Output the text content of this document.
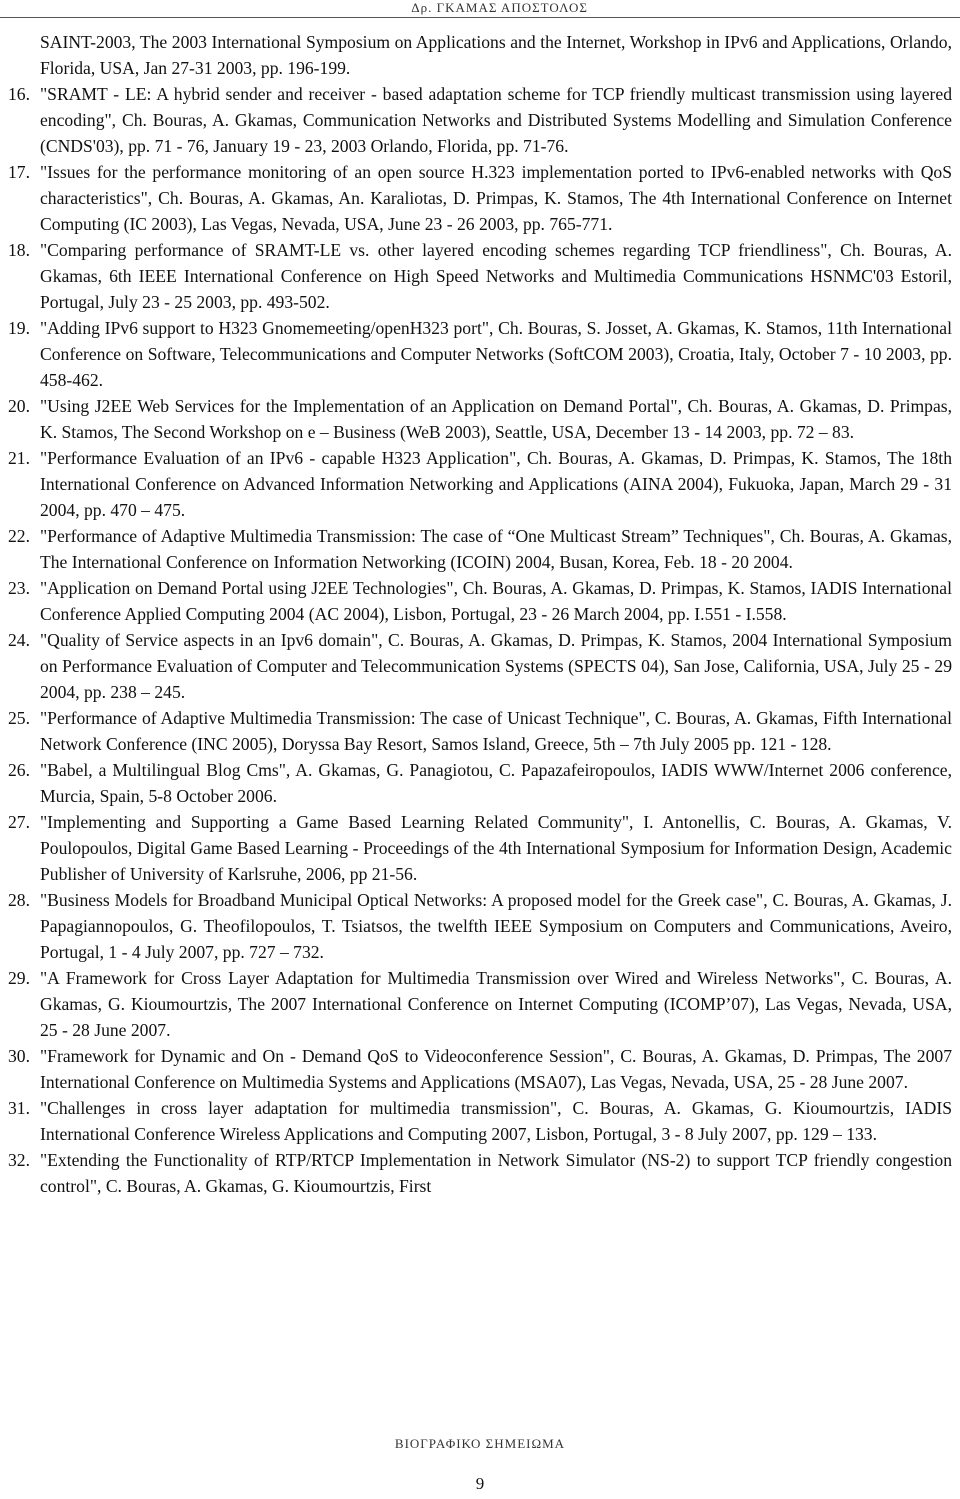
Δρ. ΓΚΑΜΑΣ ΑΠΟΣΤΟΛΟΣ
SAINT-2003, The 2003 International Symposium on Applications and the Internet, Workshop in IPv6 and Applications, Orlando, Florida, USA, Jan 27-31 2003, pp. 196-199.
16. "SRAMT - LE: A hybrid sender and receiver - based adaptation scheme for TCP friendly multicast transmission using layered encoding", Ch. Bouras, A. Gkamas, Communication Networks and Distributed Systems Modelling and Simulation Conference (CNDS'03), pp. 71 - 76, January 19 - 23, 2003 Orlando, Florida, pp. 71-76.
17. "Issues for the performance monitoring of an open source H.323 implementation ported to IPv6-enabled networks with QoS characteristics", Ch. Bouras, A. Gkamas, An. Karaliotas, D. Primpas, K. Stamos, The 4th International Conference on Internet Computing (IC 2003), Las Vegas, Nevada, USA, June 23 - 26 2003, pp. 765-771.
18. "Comparing performance of SRAMT-LE vs. other layered encoding schemes regarding TCP friendliness", Ch. Bouras, A. Gkamas, 6th IEEE International Conference on High Speed Networks and Multimedia Communications HSNMC'03 Estoril, Portugal, July 23 - 25 2003, pp. 493-502.
19. "Adding IPv6 support to H323 Gnomemeeting/openH323 port", Ch. Bouras, S. Josset, A. Gkamas, K. Stamos, 11th International Conference on Software, Telecommunications and Computer Networks (SoftCOM 2003), Croatia, Italy, October 7 - 10 2003, pp. 458-462.
20. "Using J2EE Web Services for the Implementation of an Application on Demand Portal", Ch. Bouras, A. Gkamas, D. Primpas, K. Stamos, The Second Workshop on e – Business (WeB 2003), Seattle, USA, December 13 - 14 2003, pp. 72 – 83.
21. "Performance Evaluation of an IPv6 - capable H323 Application", Ch. Bouras, A. Gkamas, D. Primpas, K. Stamos, The 18th International Conference on Advanced Information Networking and Applications (AINA 2004), Fukuoka, Japan, March 29 - 31 2004, pp. 470 – 475.
22. "Performance of Adaptive Multimedia Transmission: The case of “One Multicast Stream” Techniques", Ch. Bouras, A. Gkamas, The International Conference on Information Networking (ICOIN) 2004, Busan, Korea, Feb. 18 - 20 2004.
23. "Application on Demand Portal using J2EE Technologies", Ch. Bouras, A. Gkamas, D. Primpas, K. Stamos, IADIS International Conference Applied Computing 2004 (AC 2004), Lisbon, Portugal, 23 - 26 March 2004, pp. I.551 - I.558.
24. "Quality of Service aspects in an Ipv6 domain", C. Bouras, A. Gkamas, D. Primpas, K. Stamos, 2004 International Symposium on Performance Evaluation of Computer and Telecommunication Systems (SPECTS 04), San Jose, California, USA, July 25 - 29 2004, pp. 238 – 245.
25. "Performance of Adaptive Multimedia Transmission: The case of Unicast Technique", C. Bouras, A. Gkamas, Fifth International Network Conference (INC 2005), Doryssa Bay Resort, Samos Island, Greece, 5th – 7th July 2005 pp. 121 - 128.
26. "Babel, a Multilingual Blog Cms", A. Gkamas, G. Panagiotou, C. Papazafeiropoulos, IADIS WWW/Internet 2006 conference, Murcia, Spain, 5-8 October 2006.
27. "Implementing and Supporting a Game Based Learning Related Community", I. Antonellis, C. Bouras, A. Gkamas, V. Poulopoulos, Digital Game Based Learning - Proceedings of the 4th International Symposium for Information Design, Academic Publisher of University of Karlsruhe, 2006, pp 21-56.
28. "Business Models for Broadband Municipal Optical Networks: A proposed model for the Greek case", C. Bouras, A. Gkamas, J. Papagiannopoulos, G. Theofilopoulos, T. Tsiatsos, the twelfth IEEE Symposium on Computers and Communications, Aveiro, Portugal, 1 - 4 July 2007, pp. 727 – 732.
29. "A Framework for Cross Layer Adaptation for Multimedia Transmission over Wired and Wireless Networks", C. Bouras, A. Gkamas, G. Kioumourtzis, The 2007 International Conference on Internet Computing (ICOMP’07), Las Vegas, Nevada, USA, 25 - 28 June 2007.
30. "Framework for Dynamic and On - Demand QoS to Videoconference Session", C. Bouras, A. Gkamas, D. Primpas, The 2007 International Conference on Multimedia Systems and Applications (MSA07), Las Vegas, Nevada, USA, 25 - 28 June 2007.
31. "Challenges in cross layer adaptation for multimedia transmission", C. Bouras, A. Gkamas, G. Kioumourtzis, IADIS International Conference Wireless Applications and Computing 2007, Lisbon, Portugal, 3 - 8 July 2007, pp. 129 – 133.
32. "Extending the Functionality of RTP/RTCP Implementation in Network Simulator (NS-2) to support TCP friendly congestion control", C. Bouras, A. Gkamas, G. Kioumourtzis, First
ΒΙΟΓΡΑΦΙΚΟ ΣΗΜΕΙΩΜΑ
9
